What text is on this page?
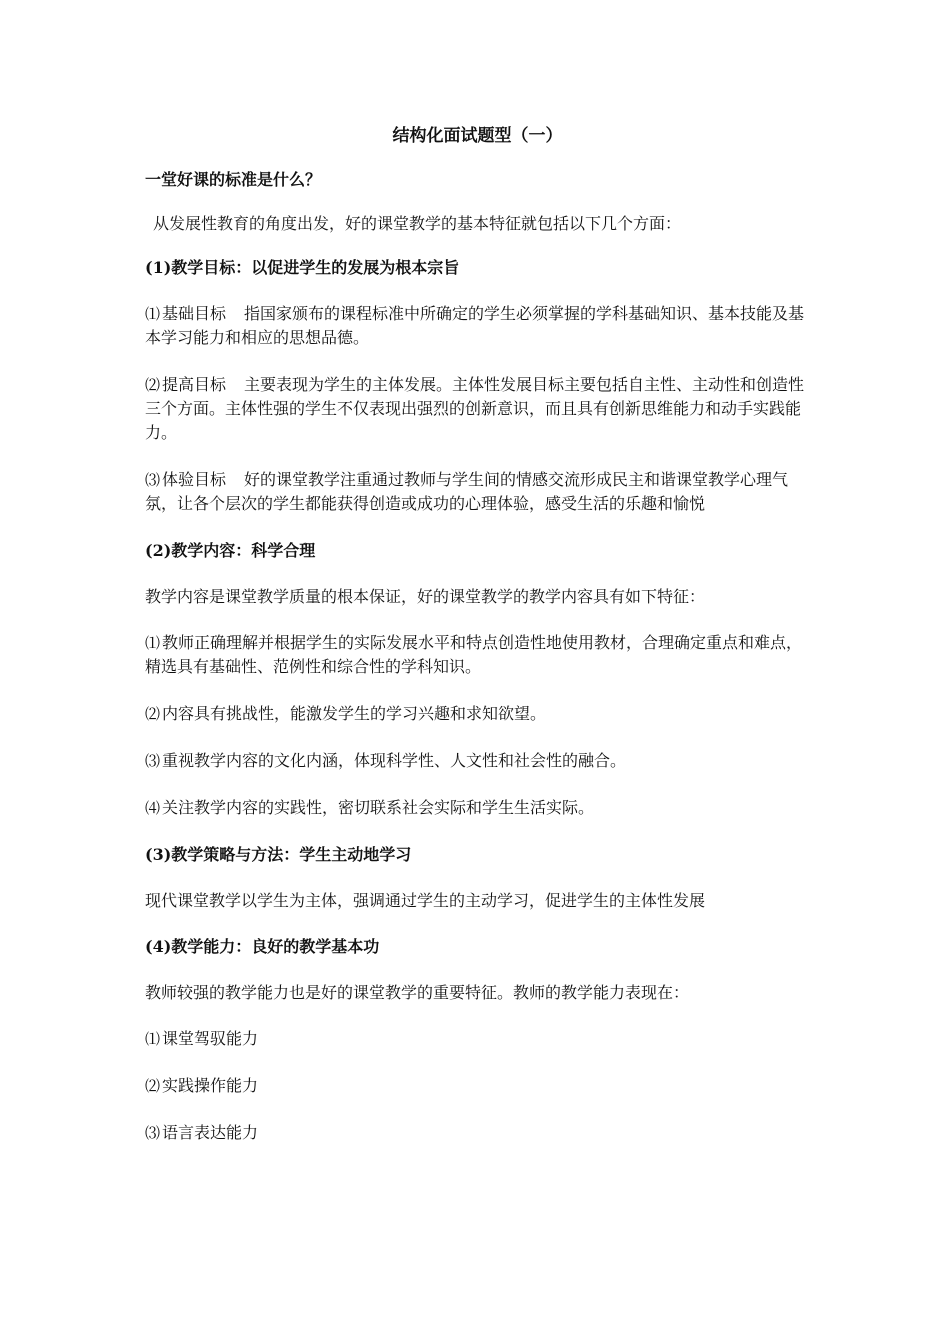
结构化面试题型（一）
一堂好课的标准是什么？
从发展性教育的角度出发，好的课堂教学的基本特征就包括以下几个方面：
(1)教学目标：以促进学生的发展为根本宗旨
⑴ 基础目标 指国家颁布的课程标准中所确定的学生必须掌握的学科基础知识、基本技能及基本学习能力和相应的思想品德。
⑵ 提高目标 主要表现为学生的主体发展。主体性发展目标主要包括自主性、主动性和创造性三个方面。主体性强的学生不仅表现出强烈的创新意识，而且具有创新思维能力和动手实践能力。
⑶ 体验目标 好的课堂教学注重通过教师与学生间的情感交流形成民主和谐课堂教学心理气氛，让各个层次的学生都能获得创造或成功的心理体验，感受生活的乐趣和愉悦
(2)教学内容：科学合理
教学内容是课堂教学质量的根本保证，好的课堂教学的教学内容具有如下特征：
⑴ 教师正确理解并根据学生的实际发展水平和特点创造性地使用教材，合理确定重点和难点，精选具有基础性、范例性和综合性的学科知识。
⑵ 内容具有挑战性，能激发学生的学习兴趣和求知欲望。
⑶ 重视教学内容的文化内涵，体现科学性、人文性和社会性的融合。
⑷ 关注教学内容的实践性，密切联系社会实际和学生生活实际。
(3)教学策略与方法：学生主动地学习
现代课堂教学以学生为主体，强调通过学生的主动学习，促进学生的主体性发展
(4)教学能力：良好的教学基本功
教师较强的教学能力也是好的课堂教学的重要特征。教师的教学能力表现在：
⑴ 课堂驾驭能力
⑵ 实践操作能力
⑶ 语言表达能力
